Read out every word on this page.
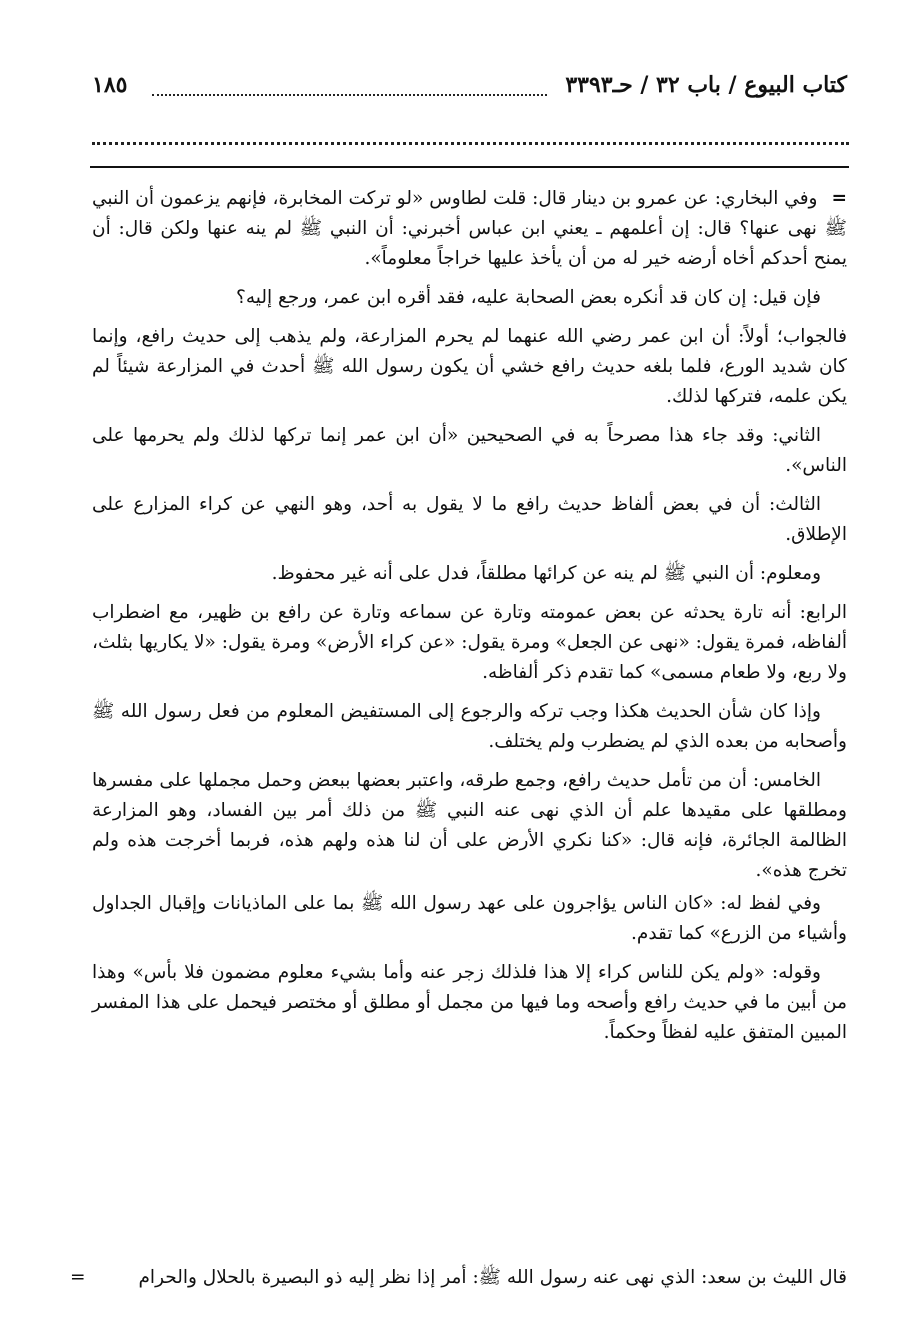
كتاب البيوع / باب ٣٢ / حـ٣٣٩٣
١٨٥

=وفي البخاري: عن عمرو بن دينار قال: قلت لطاوس «لو تركت المخابرة، فإنهم يزعمون أن النبي ﷺ نهى عنها؟ قال: إن أعلمهم ـ يعني ابن عباس أخبرني: أن النبي ﷺ لم ينه عنها ولكن قال: أن يمنح أحدكم أخاه أرضه خير له من أن يأخذ عليها خراجاً معلوماً».

فإن قيل: إن كان قد أنكره بعض الصحابة عليه، فقد أقره ابن عمر، ورجع إليه؟

فالجواب؛ أولاً: أن ابن عمر رضي الله عنهما لم يحرم المزارعة، ولم يذهب إلى حديث رافع، وإنما كان شديد الورع، فلما بلغه حديث رافع خشي أن يكون رسول الله ﷺ أحدث في المزارعة شيئاً لم يكن علمه، فتركها لذلك.

الثاني: وقد جاء هذا مصرحاً به في الصحيحين «أن ابن عمر إنما تركها لذلك ولم يحرمها على الناس».

الثالث: أن في بعض ألفاظ حديث رافع ما لا يقول به أحد، وهو النهي عن كراء المزارع على الإطلاق.

ومعلوم: أن النبي ﷺ لم ينه عن كرائها مطلقاً، فدل على أنه غير محفوظ.

الرابع: أنه تارة يحدثه عن بعض عمومته وتارة عن سماعه وتارة عن رافع بن ظهير، مع اضطراب ألفاظه، فمرة يقول: «نهى عن الجعل» ومرة يقول: «عن كراء الأرض» ومرة يقول: «لا يكاريها بثلث، ولا ربع، ولا طعام مسمى» كما تقدم ذكر ألفاظه.

وإذا كان شأن الحديث هكذا وجب تركه والرجوع إلى المستفيض المعلوم من فعل رسول الله ﷺ وأصحابه من بعده الذي لم يضطرب ولم يختلف.

الخامس: أن من تأمل حديث رافع، وجمع طرقه، واعتبر بعضها ببعض وحمل مجملها على مفسرها ومطلقها على مقيدها علم أن الذي نهى عنه النبي ﷺ من ذلك أمر بين الفساد، وهو المزارعة الظالمة الجائرة، فإنه قال: «كنا نكري الأرض على أن لنا هذه ولهم هذه، فربما أخرجت هذه ولم تخرج هذه».

وفي لفظ له: «كان الناس يؤاجرون على عهد رسول الله ﷺ بما على الماذيانات وإقبال الجداول وأشياء من الزرع» كما تقدم.

وقوله: «ولم يكن للناس كراء إلا هذا فلذلك زجر عنه وأما بشيء معلوم مضمون فلا بأس» وهذا من أبين ما في حديث رافع وأصحه وما فيها من مجمل أو مطلق أو مختصر فيحمل على هذا المفسر المبين المتفق عليه لفظاً وحكماً.

قال الليث بن سعد: الذي نهى عنه رسول الله ﷺ: أمر إذا نظر إليه ذو البصيرة بالحلال والحرام
=
